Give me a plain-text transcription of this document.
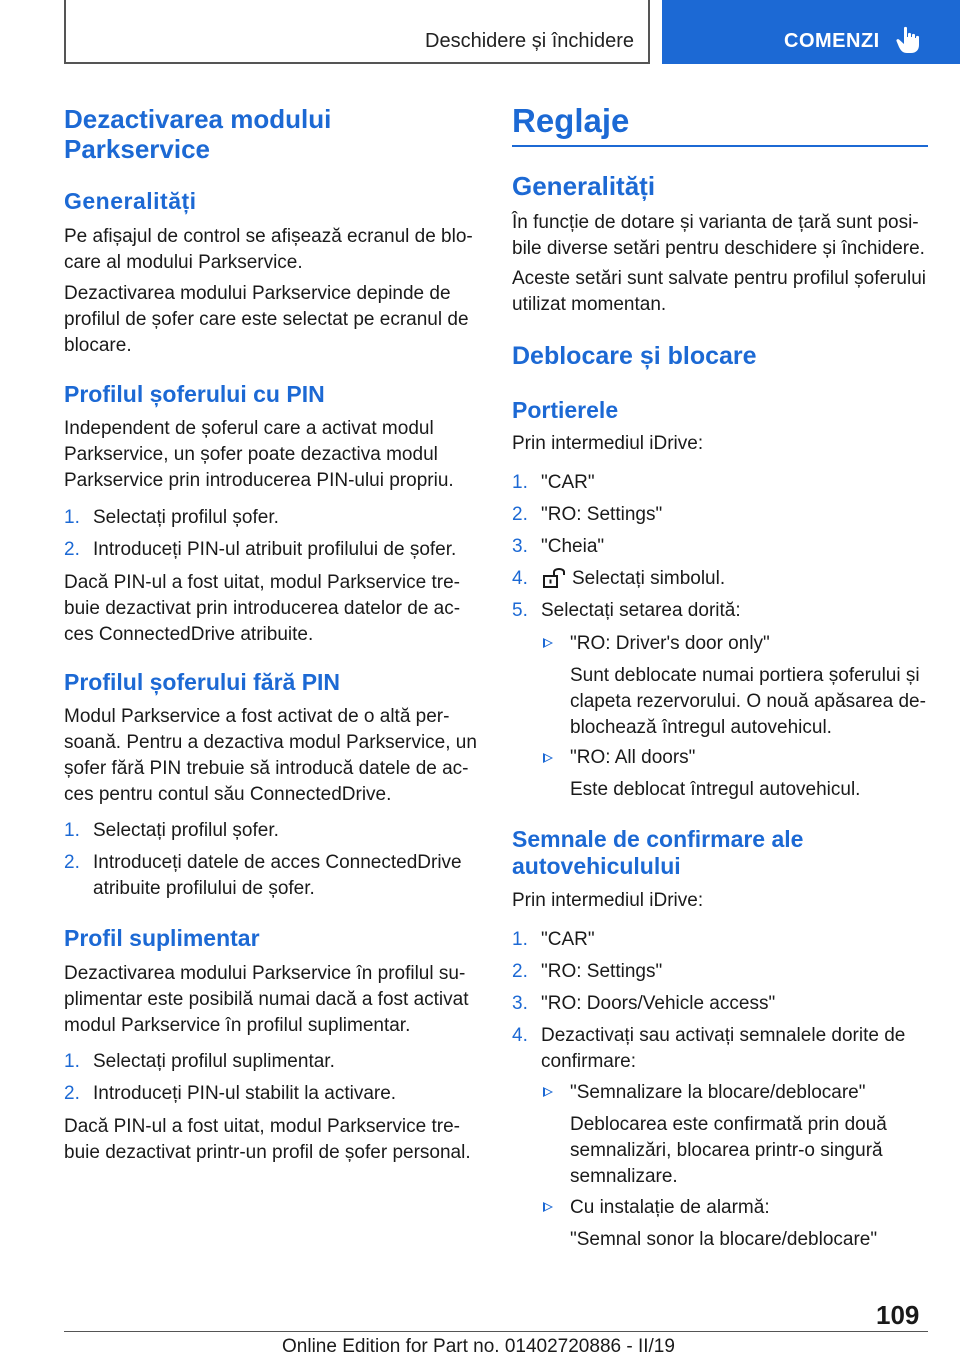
Deschidere și închidere	COMENZI
Dezactivarea modului
Parkservice
Generalități
Pe afișajul de control se afișează ecranul de blo-
care al modului Parkservice.
Dezactivarea modului Parkservice depinde de
profilul de șofer care este selectat pe ecranul de
blocare.
Profilul șoferului cu PIN
Independent de șoferul care a activat modul
Parkservice, un șofer poate dezactiva modul
Parkservice prin introducerea PIN-ului propriu.
1. Selectați profilul șofer.
2. Introduceți PIN-ul atribuit profilului de șofer.
Dacă PIN-ul a fost uitat, modul Parkservice tre-
buie dezactivat prin introducerea datelor de ac-
ces ConnectedDrive atribuite.
Profilul șoferului fără PIN
Modul Parkservice a fost activat de o altă per-
soană. Pentru a dezactiva modul Parkservice, un
șofer fără PIN trebuie să introducă datele de ac-
ces pentru contul său ConnectedDrive.
1. Selectați profilul șofer.
2. Introduceți datele de acces ConnectedDrive
atribuite profilului de șofer.
Profil suplimentar
Dezactivarea modului Parkservice în profilul su-
plimentar este posibilă numai dacă a fost activat
modul Parkservice în profilul suplimentar.
1. Selectați profilul suplimentar.
2. Introduceți PIN-ul stabilit la activare.
Dacă PIN-ul a fost uitat, modul Parkservice tre-
buie dezactivat printr-un profil de șofer personal.
Reglaje
Generalități
În funcție de dotare și varianta de țară sunt posi-
bile diverse setări pentru deschidere și închidere.
Aceste setări sunt salvate pentru profilul șoferului
utilizat momentan.
Deblocare și blocare
Portierele
Prin intermediul iDrive:
1. "CAR"
2. "RO: Settings"
3. "Cheia"
4. Selectați simbolul.
5. Selectați setarea dorită:
"RO: Driver's door only"
Sunt deblocate numai portiera șoferului și
clapeta rezervorului. O nouă apăsarea de-
blochează întregul autovehicul.
"RO: All doors"
Este deblocat întregul autovehicul.
Semnale de confirmare ale
autovehiculului
Prin intermediul iDrive:
1. "CAR"
2. "RO: Settings"
3. "RO: Doors/Vehicle access"
4. Dezactivați sau activați semnalele dorite de
confirmare:
"Semnalizare la blocare/deblocare"
Deblocarea este confirmată prin două
semnalizări, blocarea printr-o singură
semnalizare.
Cu instalație de alarmă:
"Semnal sonor la blocare/deblocare"
109
Online Edition for Part no. 01402720886 - II/19
